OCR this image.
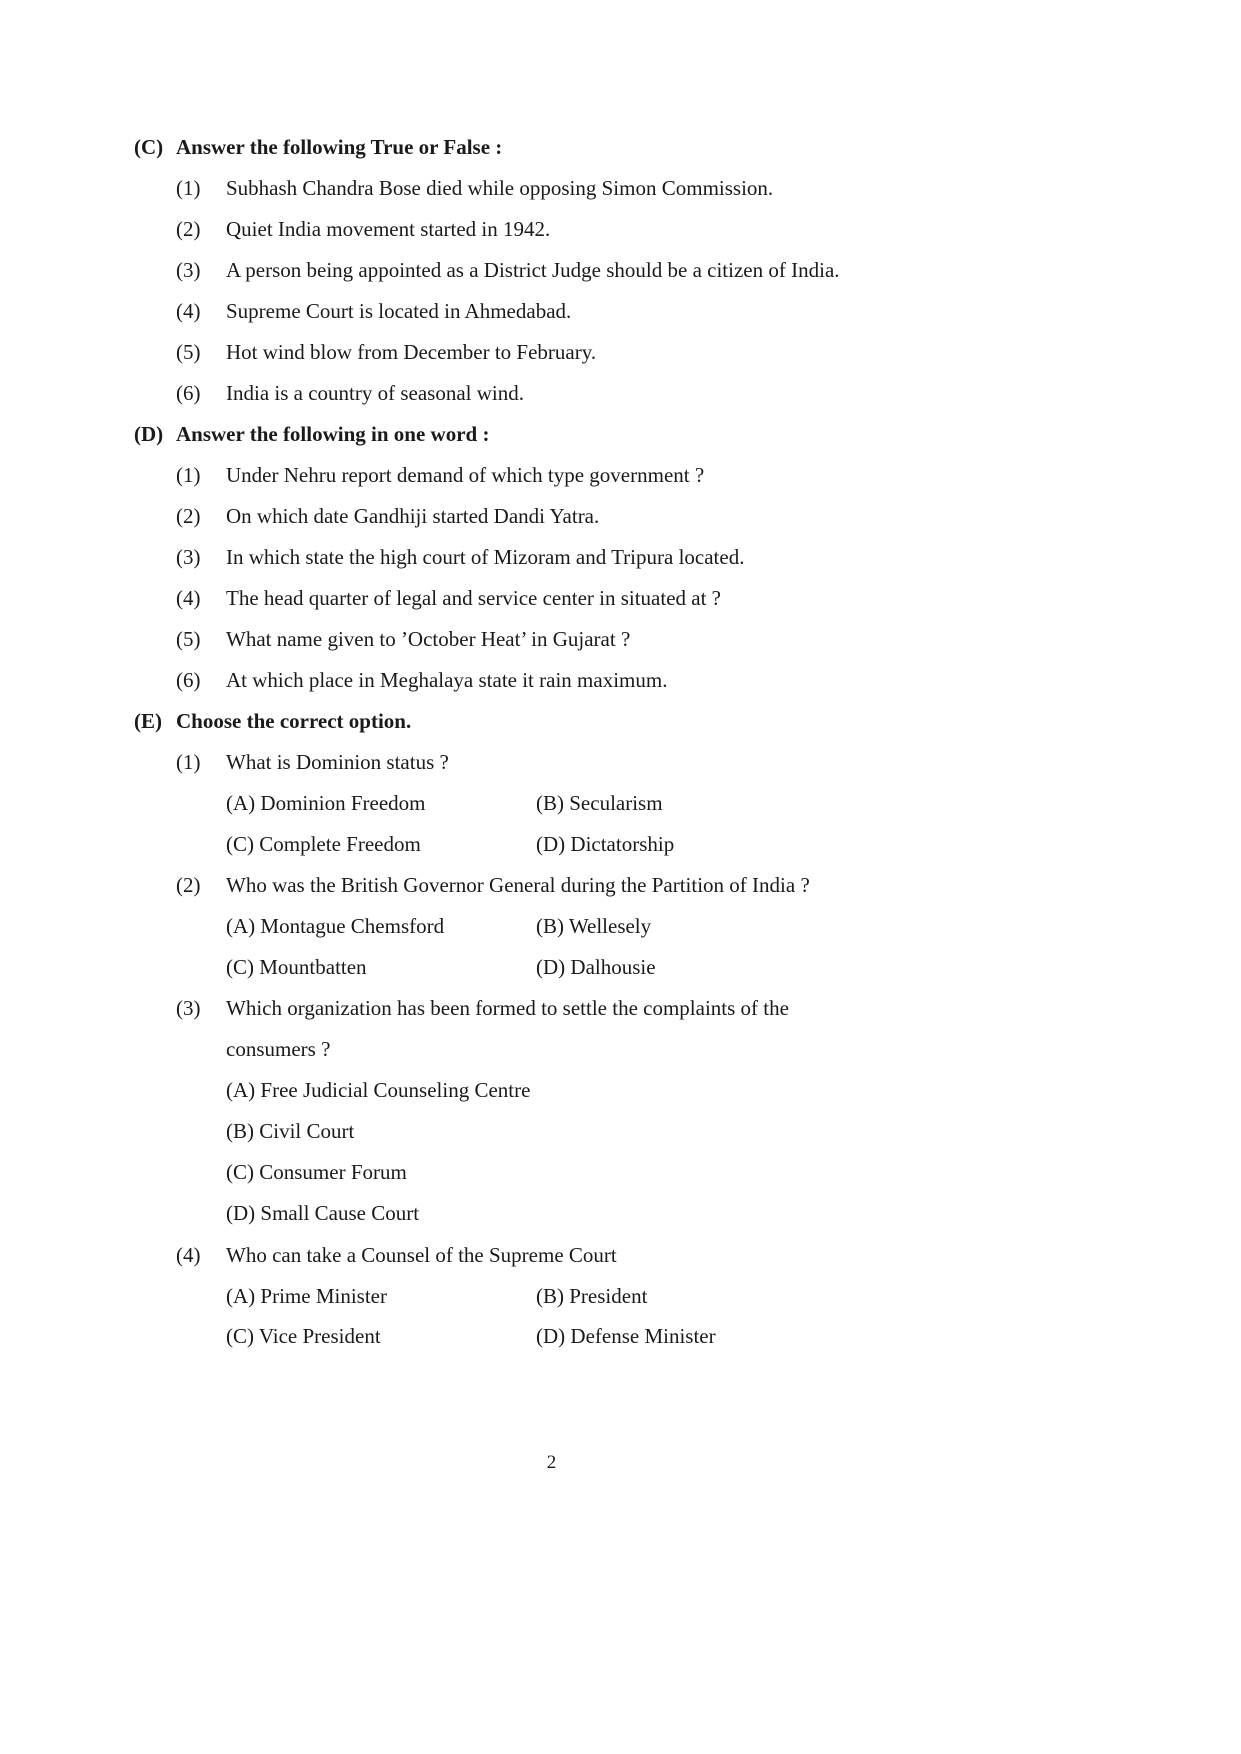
(C) Answer the following True or False :
(1) Subhash Chandra Bose died while opposing Simon Commission.
(2) Quiet India movement started in 1942.
(3) A person being appointed as a District Judge should be a citizen of India.
(4) Supreme Court is located in Ahmedabad.
(5) Hot wind blow from December to February.
(6) India is a country of seasonal wind.
(D) Answer the following in one word :
(1) Under Nehru report demand of which type government ?
(2) On which date Gandhiji started Dandi Yatra.
(3) In which state the high court of Mizoram and Tripura located.
(4) The head quarter of legal and service center in situated at ?
(5) What name given to ’October Heat’ in Gujarat ?
(6) At which place in Meghalaya state it rain maximum.
(E) Choose the correct option.
(1) What is Dominion status ?
(A) Dominion Freedom	(B) Secularism
(C) Complete Freedom	(D) Dictatorship
(2) Who was the British Governor General during the Partition of India ?
(A) Montague Chemsford	(B) Wellesely
(C) Mountbatten	(D) Dalhousie
(3) Which organization has been formed to settle the complaints of the
consumers ?
(A) Free Judicial Counseling Centre
(B) Civil Court
(C) Consumer Forum
(D) Small Cause Court
(4) Who can take a Counsel of the Supreme Court
(A) Prime Minister	(B) President
(C) Vice President	(D) Defense Minister
2
